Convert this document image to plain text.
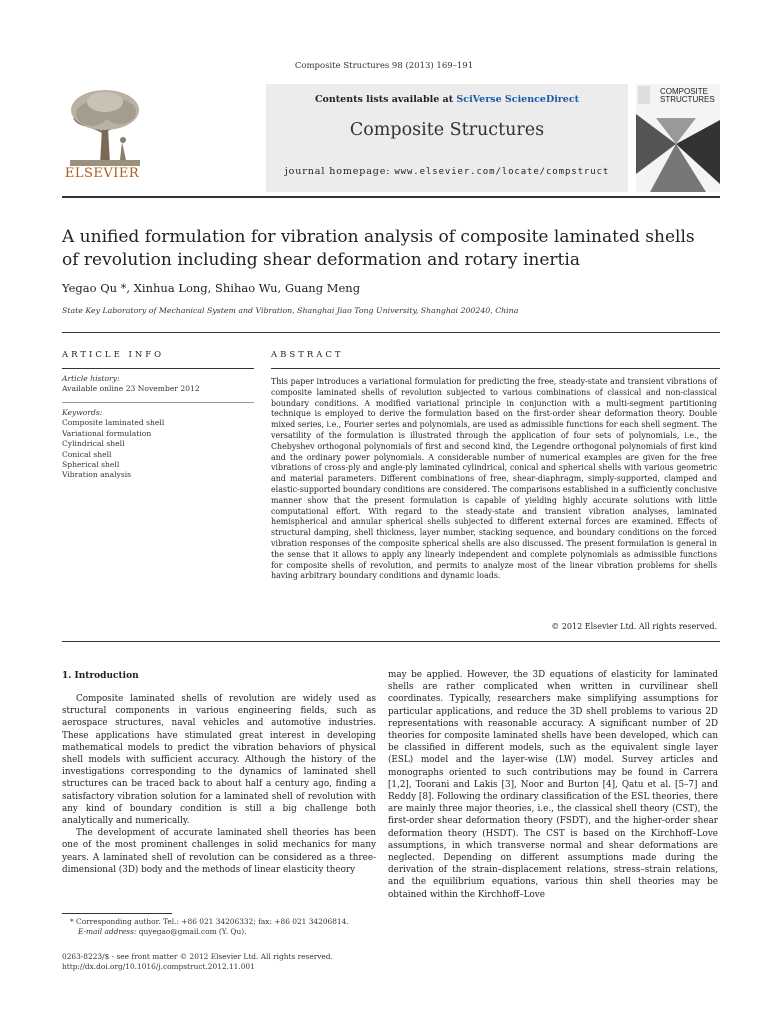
Composite Structures 98 (2013) 169–191
ELSEVIER
Contents lists available at SciVerse ScienceDirect
Composite Structures
journal homepage: www.elsevier.com/locate/compstruct
COMPOSITE
STRUCTURES
A unified formulation for vibration analysis of composite laminated shells of revolution including shear deformation and rotary inertia
Yegao Qu *, Xinhua Long, Shihao Wu, Guang Meng
State Key Laboratory of Mechanical System and Vibration, Shanghai Jiao Tong University, Shanghai 200240, China
ARTICLE INFO
Article history:
Available online 23 November 2012
Keywords:
Composite laminated shell
Variational formulation
Cylindrical shell
Conical shell
Spherical shell
Vibration analysis
ABSTRACT
This paper introduces a variational formulation for predicting the free, steady-state and transient vibrations of composite laminated shells of revolution subjected to various combinations of classical and non-classical boundary conditions. A modified variational principle in conjunction with a multi-segment partitioning technique is employed to derive the formulation based on the first-order shear deformation theory. Double mixed series, i.e., Fourier series and polynomials, are used as admissible functions for each shell segment. The versatility of the formulation is illustrated through the application of four sets of polynomials, i.e., the Chebyshev orthogonal polynomials of first and second kind, the Legendre orthogonal polynomials of first kind and the ordinary power polynomials. A considerable number of numerical examples are given for the free vibrations of cross-ply and angle-ply laminated cylindrical, conical and spherical shells with various geometric and material parameters. Different combinations of free, shear-diaphragm, simply-supported, clamped and elastic-supported boundary conditions are considered. The comparisons established in a sufficiently conclusive manner show that the present formulation is capable of yielding highly accurate solutions with little computational effort. With regard to the steady-state and transient vibration analyses, laminated hemispherical and annular spherical shells subjected to different external forces are examined. Effects of structural damping, shell thickness, layer number, stacking sequence, and boundary conditions on the forced vibration responses of the composite spherical shells are also discussed. The present formulation is general in the sense that it allows to apply any linearly independent and complete polynomials as admissible functions for composite shells of revolution, and permits to analyze most of the linear vibration problems for shells having arbitrary boundary conditions and dynamic loads.
© 2012 Elsevier Ltd. All rights reserved.
1. Introduction

Composite laminated shells of revolution are widely used as structural components in various engineering fields, such as aerospace structures, naval vehicles and automotive industries. These applications have stimulated great interest in developing mathematical models to predict the vibration behaviors of physical shell models with sufficient accuracy. Although the history of the investigations corresponding to the dynamics of laminated shell structures can be traced back to about half a century ago, finding a satisfactory vibration solution for a laminated shell of revolution with any kind of boundary condition is still a big challenge both analytically and numerically.

The development of accurate laminated shell theories has been one of the most prominent challenges in solid mechanics for many years. A laminated shell of revolution can be considered as a three-dimensional (3D) body and the methods of linear elasticity theory

may be applied. However, the 3D equations of elasticity for laminated shells are rather complicated when written in curvilinear shell coordinates. Typically, researchers make simplifying assumptions for particular applications, and reduce the 3D shell problems to various 2D representations with reasonable accuracy. A significant number of 2D theories for composite laminated shells have been developed, which can be classified in different models, such as the equivalent single layer (ESL) model and the layer-wise (LW) model. Survey articles and monographs oriented to such contributions may be found in Carrera [1,2], Toorani and Lakis [3], Noor and Burton [4], Qatu et al. [5–7] and Reddy [8]. Following the ordinary classification of the ESL theories, there are mainly three major theories, i.e., the classical shell theory (CST), the first-order shear deformation theory (FSDT), and the higher-order shear deformation theory (HSDT). The CST is based on the Kirchhoff–Love assumptions, in which transverse normal and shear deformations are neglected. Depending on different assumptions made during the derivation of the strain–displacement relations, stress–strain relations, and the equilibrium equations, various thin shell theories may be obtained within the Kirchhoff–Love

* Corresponding author. Tel.: +86 021 34206332; fax: +86 021 34206814.
E-mail address: quyegao@gmail.com (Y. Qu).
0263-8223/$ - see front matter © 2012 Elsevier Ltd. All rights reserved.
http://dx.doi.org/10.1016/j.compstruct.2012.11.001
